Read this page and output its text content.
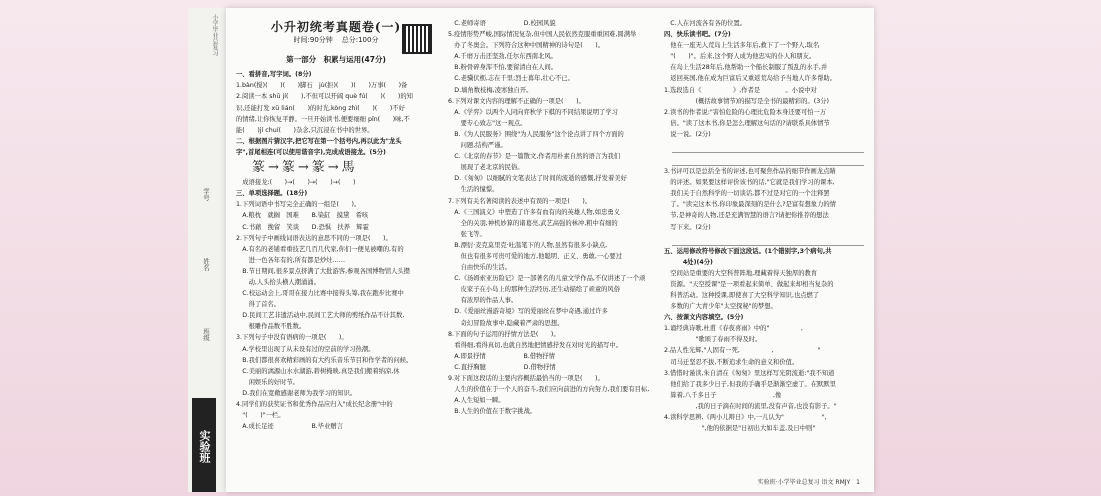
小学毕业总复习
学号
姓名
班级
实验班
小升初统考真题卷(一)
时间:90分钟 总分:100分
第一部分　积累与运用(47分)

一、看拼音,写字词。(8分)

1.bàn(搅)(　　)(　　)脚石　jù(拒)(　　)(　　)万事(　　)备

2.阅读一本 shū jí(　　),不但可以开阔 què fú(　　)(　　)的知

识,还能打发 xū lián(　　)的时光,kòng zhì(　　)(　　)不好

的情绪,让你恢复平静。一旦开始读书,便要细细 pǐn(　　)味,不

能(　　)jí chuí(　　)杂念,只沉浸在书中的世界。

二、根据图片猜汉字,把它写在第一个括号内,再以此为"龙头

字",首尾相连(可以使用谐音字),完成成语接龙。(5分)

篆→篆→篆→馬

　成语接龙:(　　)→(　　)→(　　)→(　　)

三、单项选择题。(18分)

1.下列词语中书写完全正确的一组是(　　)。

　A.粮枕　就搁　国难　　B.染缸　摸黛　希咳

　C.书藉　挽留　笑谈　　D.恐惧　扶养　辉霍

2.下列句子中画线词语表达的意思不同的一项是(　　)。

　A.有名的老铺看重技艺几百几代家,你们一便见被嘲的,有的

　　进一色各年有的,所有都是炒灶……

　B.节日期间,很多景点挤满了大批游客,参观各国博物馆人头攒

　　动,人头拾头横人潮涌涌。

　C.校运动会上,哥哥在接力比赛中接得头筹,我在跑步比赛中

　　得了首名。

　D.民间工艺非遗活动中,民间工艺大师的剪纸作品不计其数,

　　根雕作品数不胜数。

3.下列句子中没有语病的一项是(　　)。

　A.学校里出现了从未设有过的空前的学习热潮。

　B.我们都很喜欢精彩画的有大约乐音乐节目和作学者的问候。

　C.美丽的漓源山水水湖游,碧树掩映,真是我们搬着纳凉,休

　　闲娱乐的好时节。

　D.我们在宽敞感谢老师为我学习的知识。

4.同学们的获奖证书和优秀作品应归入"成长纪念册"中的

　"(　　)"一栏。

　A.成长足迹　　　　　　B.毕业赠言

　C.老师寄语　　　　　　D.校园风貌

5.疫情形势严峻,国际情况复杂,但中国人民依然克服重重困难,圆满举

　办了冬奥会。下列符合这种中国精神的诗句是(　　)。

　A.千磨万击还坚劲,任尔东西南北风。

　B.粉骨碎身浑不怕,要留清白在人间。

　C.老骥伏枥,志在千里;烈士暮年,壮心不已。

　D.墙角数枝梅,凌寒独自开。

6.下列对课文内容的理解不正确的一项是(　　)。

　A.《学弈》以两个人同向弈秋学下棋的不同结果说明了学习

　　要专心致志"这一观点。

　B.《为人民服务》围绕"为人民服务"这个论点讲了四个方面的

　　问题,结构严谨。

　C.《北京的春节》是一篇散文,作者用朴素自然的语言为我们

　　展现了老北京的民俗。

　D.《匆匆》以细腻的文笔表达了时间的流逝的感慨,抒发着美好

　　生活的憧憬。

7.下列有关名著阅读的表述中有误的一项是(　　)。

　A.《三国演义》中塑造了许多有血有肉的英雄人物,如忠勇义

　　全的关羽,神机妙算的诸葛亮,武艺高强的林冲,粗中有细的

　　张飞等。

　B.漂衍·麦克莫里克·吐温笔下的人物,虽然有很多小缺点,

　　但也有很多可贵可爱的地方,他聪明、正义、勇敢,一心要过

　　自由快乐的生活。

　C.《汤姆索亚历险记》是一部著名的儿童文学作品,不仅讲述了一个顽

　　皮家子在小岛上的那种生活经历,还生动描绘了顽童的风俗

　　有浓厚的作品人事。

　D.《爱丽丝漫游奇境》写的爱丽丝在梦中奇遇,通过许多

　　奇幻冒险故事中,隐藏着严肃的思想。

8.下面的句子运用的抒情方法是(　　)。

　看得细,看得真切,也就自然地把情感抒发在对时光的描写中。

　A.即景抒情　　　　　　B.借物抒情

　C.直抒胸臆　　　　　　D.借物抒情

9.对下面这段话的主要内容概括最恰当的一项是(　　)。

　人生的价值在于一个人的奋斗,我们应向前进的方向努力,我们要有目标,

　A.人生短如一瞬。

　B.人生的价值在于数字挑战。

　C.人在河流各有各的位置。

四、快乐读书吧。(7分)

　他在一座无人荒岛上生活多年后,救下了一个野人,取名

　"(　　)"。后来,这个野人成为他忠实的仆人和朋友。

　在岛上生活28年后,他帮助一个船长制服了叛乱的水手,并

　返回英国,他在成为巨富后又重返荒岛给予当地人许多帮助。

1.选段选自《　　　　　》,作者是　　　　。小说中对

　　　　　(概括故事情节)的描写是全书的最精彩的。(3分)

2.读书的作者说:"害怕危险的心理比危险本身还要可怕一万

　倍。"读了这本书,你是怎么理解这句话的?请联系具体情节

　说一说。(2分)

3.书评可以是总括全书的评述,也可聚焦作品的细节作画龙点睛

　的评述。如果要这样评价该书的话,"它就是我们学习的课本,

　我们关于自然科学的一切谈话,都不过是对它的一个注释罢

　了。"读完这本书,你印象最深刻的是什么?是富有想象力的情

　节,是神奇的人物,还是充满智慧的语言?请把你推荐的想法

　写下来。(2分)

五、运用修改符号修改下面这段话。(1个错别字,3个病句,共

　　　4处)(4分)

　空间站是重要的大空科普阵地,理藏着得天独厚的教育

　资源。"天空授课"是一项看起来简单、做起来却相当复杂的

　科普活动。这种授课,即使喜了大空科学知识,也点燃了

　多数的广大青少年"太空探秘"的梦想。

六、按课文内容填空。(5分)

1.诵经典诗歌,杜甫《春夜喜雨》中的"　　　　　,　　　　

　　　　　"歌颂了春雨不得及时。

2.品人性光辉,"人固有一死,　　　　　,　　　　　　　"

　司马迁坚忍不拔,不断追求生命的意义和价值。

3.惜惜时谨读,朱自清在《匆匆》里这样写光阴流逝:"我不知道

　他们给了我多少日子,但我的手确乎是渐渐空虚了。在默默里

　算着,八千多日子　　　　　　　　　,像　　　　　　　

　　　　　,我的日子滴在时间的流里,没有声音,也没有影子。"

4.读科学思辨,《两小儿辩日》中,一儿认为"　　　　　　",

　　　　　　",他的依据是"日初出大如车盖,及日中则"

实验班·小学毕业总复习 语文 RMJY　1
